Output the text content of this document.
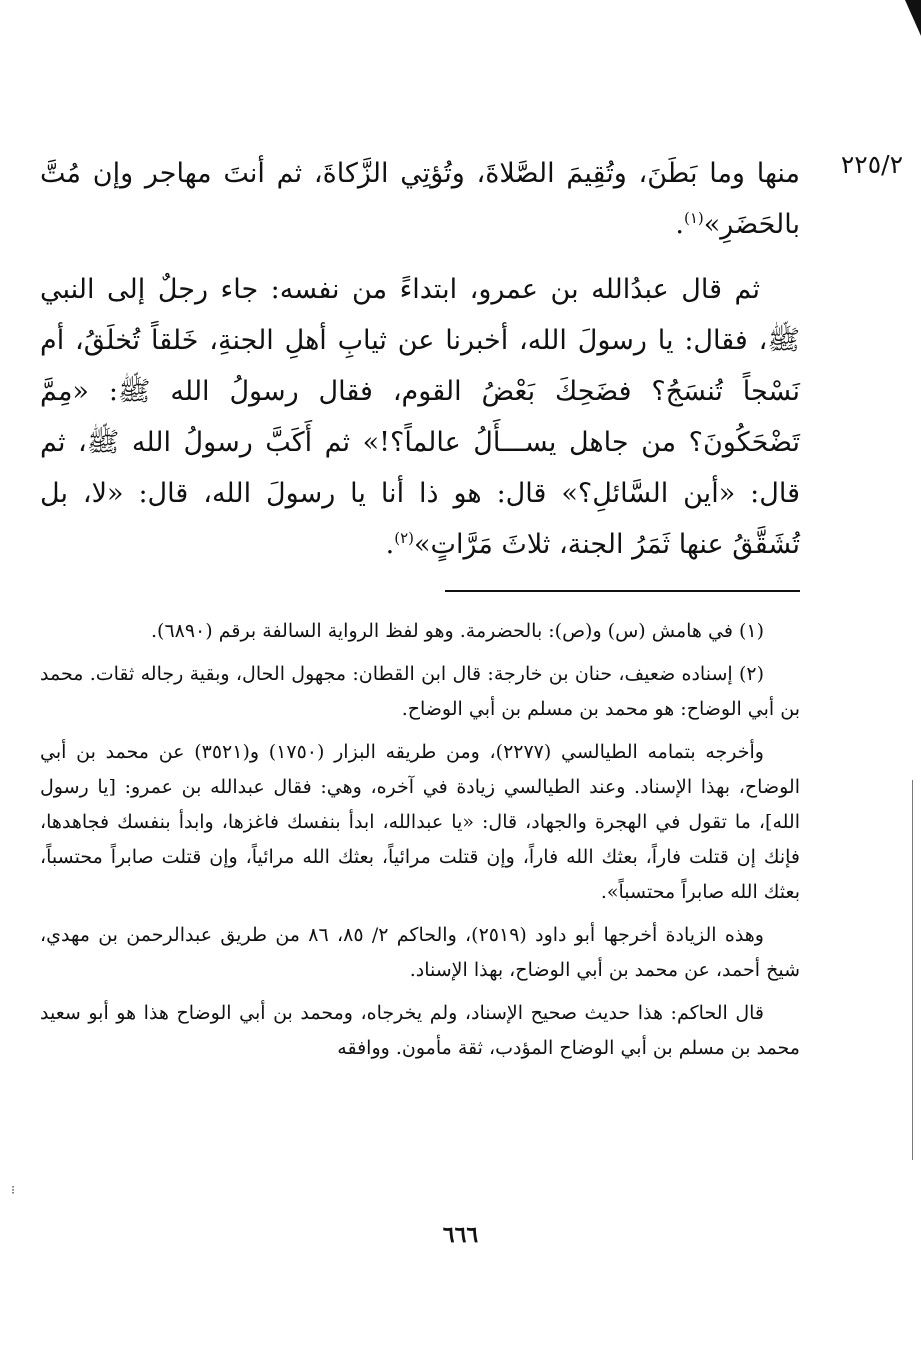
٢٢٥/٢

منها وما بَطَنَ، وتُقِيمَ الصَّلاةَ، وتُؤتِي الزَّكاةَ، ثم أنتَ مهاجر وإن مُتَّ بالحَضَرِ»$^{(١)}$.

ثم قال عبدُالله بن عمرو، ابتداءً من نفسه: جاء رجلٌ إلى النبي ﷺ، فقال: يا رسولَ الله، أخبرنا عن ثيابِ أهلِ الجنةِ، خَلقاً تُخلَقُ، أم نَسْجاً تُنسَجُ؟ فضَحِكَ بَعْضُ القوم، فقال رسولُ الله ﷺ: «مِمَّ تَضْحَكُونَ؟ من جاهل يســـأَلُ عالماً؟!» ثم أَكَبَّ رسولُ الله ﷺ، ثم قال: «أين السَّائلِ؟» قال: هو ذا أنا يا رسولَ الله، قال: «لا، بل تُشَقَّقُ عنها ثَمَرُ الجنة، ثلاثَ مَرَّاتٍ»$^{(٢)}$.

(١) في هامش (س) و(ص): بالحضرمة. وهو لفظ الرواية السالفة برقم (٦٨٩٠).

(٢) إسناده ضعيف، حنان بن خارجة: قال ابن القطان: مجهول الحال، وبقية رجاله ثقات. محمد بن أبي الوضاح: هو محمد بن مسلم بن أبي الوضاح.

وأخرجه بتمامه الطيالسي (٢٢٧٧)، ومن طريقه البزار (١٧٥٠) و(٣٥٢١) عن محمد بن أبي الوضاح، بهذا الإسناد. وعند الطيالسي زيادة في آخره، وهي: فقال عبدالله بن عمرو: [يا رسول الله]، ما تقول في الهجرة والجهاد، قال: «يا عبدالله، ابدأ بنفسك فاغزها، وابدأ بنفسك فجاهدها، فإنك إن قتلت فاراً، بعثك الله فاراً، وإن قتلت مرائياً، بعثك الله مرائياً، وإن قتلت صابراً محتسباً، بعثك الله صابراً محتسباً».

وهذه الزيادة أخرجها أبو داود (٢٥١٩)، والحاكم ٢/ ٨٥، ٨٦ من طريق عبدالرحمن بن مهدي، شيخ أحمد، عن محمد بن أبي الوضاح، بهذا الإسناد.

قال الحاكم: هذا حديث صحيح الإسناد، ولم يخرجاه، ومحمد بن أبي الوضاح هذا هو أبو سعيد محمد بن مسلم بن أبي الوضاح المؤدب، ثقة مأمون. ووافقه

⁝
٦٦٦
